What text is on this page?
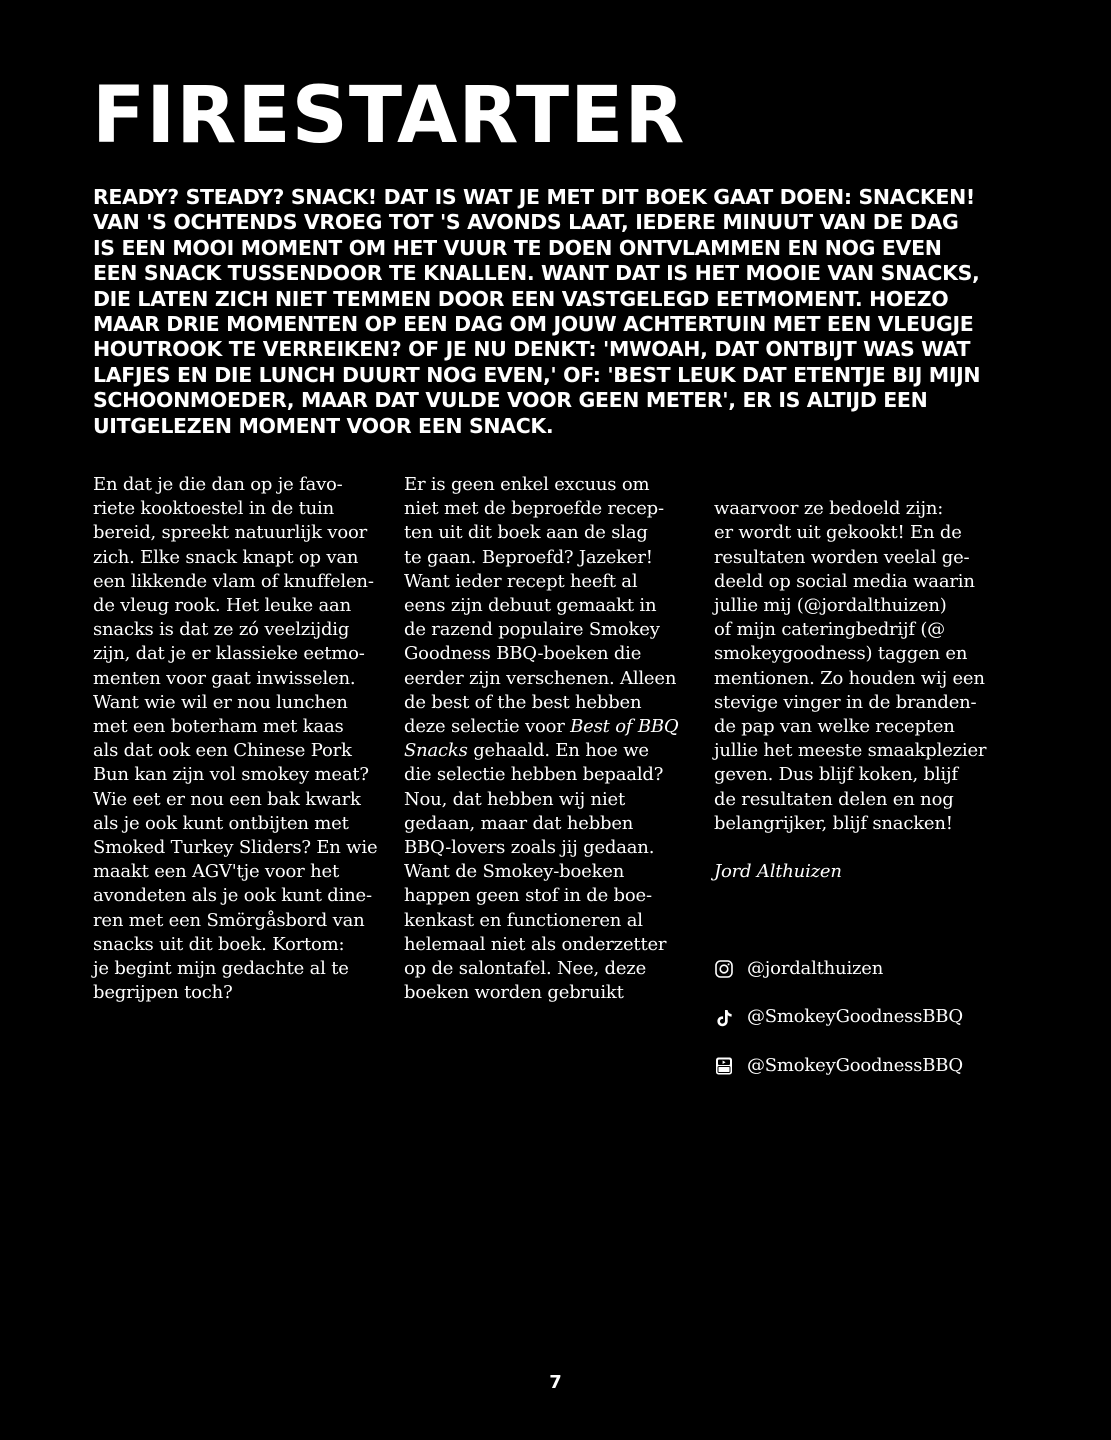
FIRESTARTER

READY? STEADY? SNACK! DAT IS WAT JE MET DIT BOEK GAAT DOEN: SNACKEN!
VAN 'S OCHTENDS VROEG TOT 'S AVONDS LAAT, IEDERE MINUUT VAN DE DAG
IS EEN MOOI MOMENT OM HET VUUR TE DOEN ONTVLAMMEN EN NOG EVEN
EEN SNACK TUSSENDOOR TE KNALLEN. WANT DAT IS HET MOOIE VAN SNACKS,
DIE LATEN ZICH NIET TEMMEN DOOR EEN VASTGELEGD EETMOMENT. HOEZO
MAAR DRIE MOMENTEN OP EEN DAG OM JOUW ACHTERTUIN MET EEN VLEUGJE
HOUTROOK TE VERREIKEN? OF JE NU DENKT: 'MWOAH, DAT ONTBIJT WAS WAT
LAFJES EN DIE LUNCH DUURT NOG EVEN,' OF: 'BEST LEUK DAT ETENTJE BIJ MIJN
SCHOONMOEDER, MAAR DAT VULDE VOOR GEEN METER', ER IS ALTIJD EEN
UITGELEZEN MOMENT VOOR EEN SNACK.

En dat je die dan op je favo-
riete kooktoestel in de tuin
bereid, spreekt natuurlijk voor
zich. Elke snack knapt op van
een likkende vlam of knuffelen-
de vleug rook. Het leuke aan
snacks is dat ze zó veelzijdig
zijn, dat je er klassieke eetmo-
menten voor gaat inwisselen.
Want wie wil er nou lunchen
met een boterham met kaas
als dat ook een Chinese Pork
Bun kan zijn vol smokey meat?
Wie eet er nou een bak kwark
als je ook kunt ontbijten met
Smoked Turkey Sliders? En wie
maakt een AGV'tje voor het
avondeten als je ook kunt dine-
ren met een Smörgåsbord van
snacks uit dit boek. Kortom:
je begint mijn gedachte al te
begrijpen toch?

Er is geen enkel excuus om
niet met de beproefde recep-
ten uit dit boek aan de slag
te gaan. Beproefd? Jazeker!
Want ieder recept heeft al
eens zijn debuut gemaakt in
de razend populaire Smokey
Goodness BBQ-boeken die
eerder zijn verschenen. Alleen
de best of the best hebben
deze selectie voor Best of BBQ
Snacks gehaald. En hoe we
die selectie hebben bepaald?
Nou, dat hebben wij niet
gedaan, maar dat hebben
BBQ-lovers zoals jij gedaan.
Want de Smokey-boeken
happen geen stof in de boe-
kenkast en functioneren al
helemaal niet als onderzetter
op de salontafel. Nee, deze
boeken worden gebruikt

waarvoor ze bedoeld zijn:
er wordt uit gekookt! En de
resultaten worden veelal ge-
deeld op social media waarin
jullie mij (@jordalthuizen)
of mijn cateringbedrijf (@
smokeygoodness) taggen en
mentionen. Zo houden wij een
stevige vinger in de branden-
de pap van welke recepten
jullie het meeste smaakplezier
geven. Dus blijf koken, blijf
de resultaten delen en nog
belangrijker, blijf snacken!

Jord Althuizen

@jordalthuizen

@SmokeyGoodnessBBQ

@SmokeyGoodnessBBQ

7
